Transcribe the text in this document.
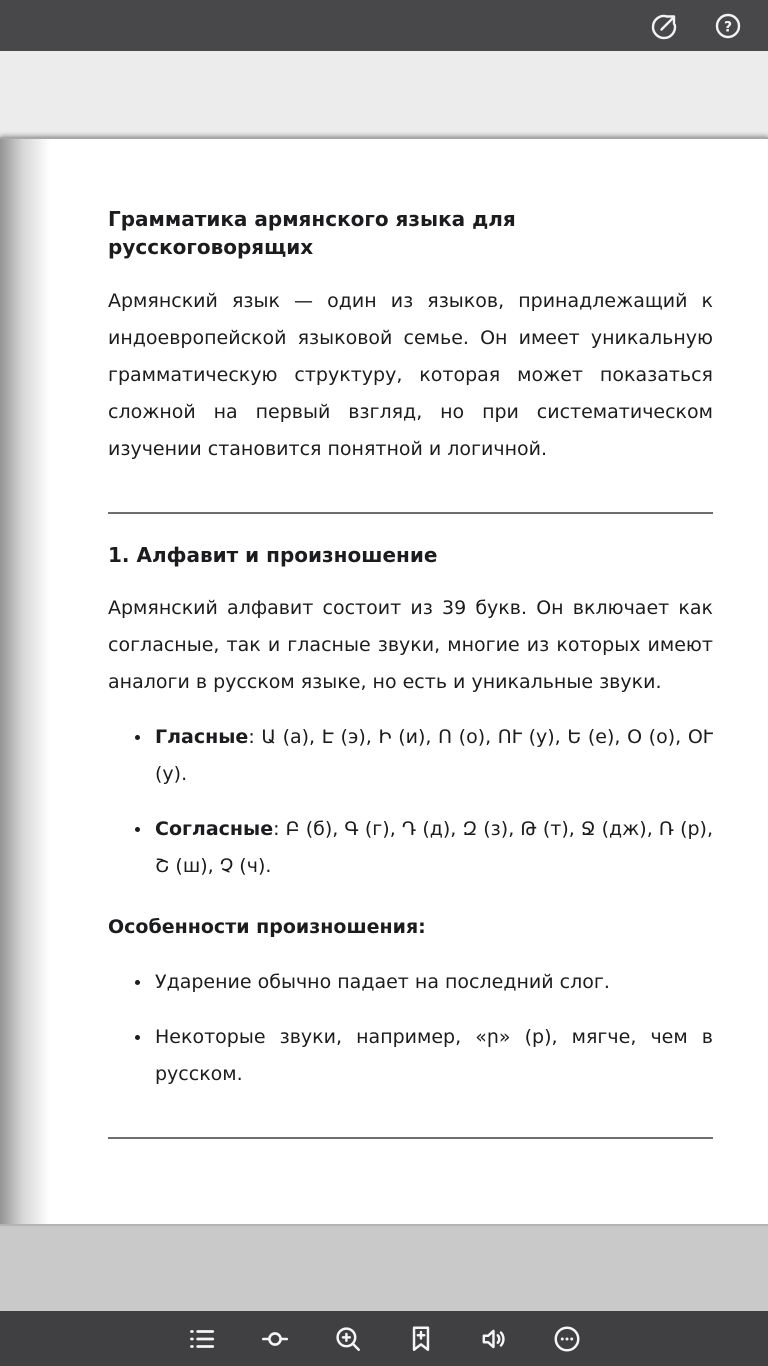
?
Грамматика армянского языка для русскоговорящих

Армянский язык — один из языков, принадлежащий к индоевропейской языковой семье. Он имеет уникальную грамматическую структуру, которая может показаться сложной на первый взгляд, но при систематическом изучении становится понятной и логичной.

1. Алфавит и произношение

Армянский алфавит состоит из 39 букв. Он включает как согласные, так и гласные звуки, многие из которых имеют аналоги в русском языке, но есть и уникальные звуки.

Гласные: Ա (а), Է (э), Ի (и), Ո (о), ՈՒ (у), Ե (е), Օ (о), ՕՒ (у).
Согласные: Բ (б), Գ (г), Դ (д), Զ (з), Թ (т), Ջ (дж), Ռ (р), Շ (ш), Չ (ч).

Особенности произношения:

Ударение обычно падает на последний слог.
Некоторые звуки, например, «ր» (р), мягче, чем в русском.
